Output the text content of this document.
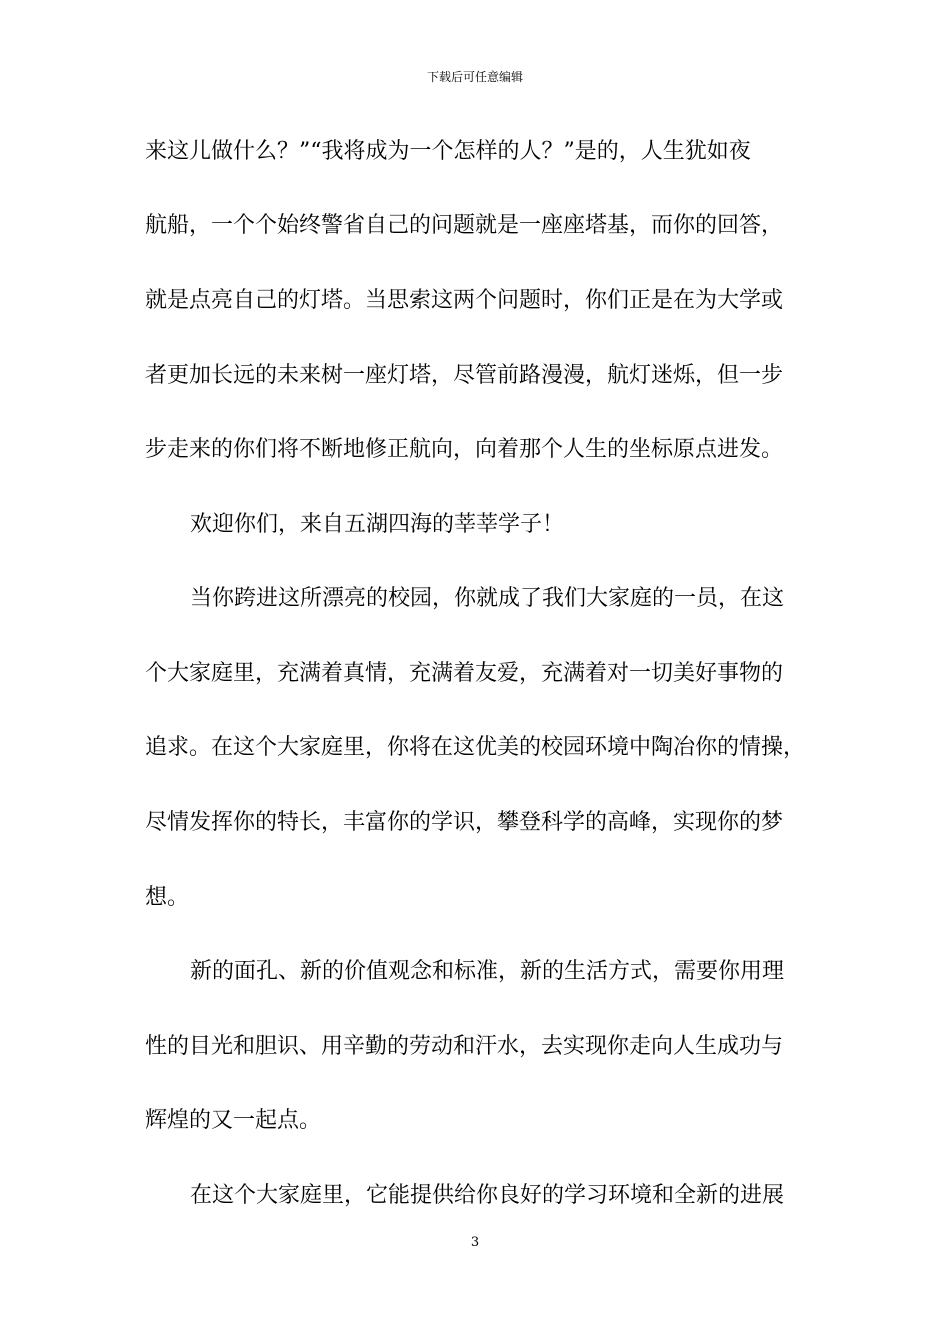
下载后可任意编辑
来这儿做什么？”“我将成为一个怎样的人？”是的，人生犹如夜
航船，一个个始终警省自己的问题就是一座座塔基，而你的回答，
就是点亮自己的灯塔。当思索这两个问题时，你们正是在为大学或
者更加长远的未来树一座灯塔，尽管前路漫漫，航灯迷烁，但一步
步走来的你们将不断地修正航向，向着那个人生的坐标原点进发。
欢迎你们，来自五湖四海的莘莘学子！
当你跨进这所漂亮的校园，你就成了我们大家庭的一员，在这
个大家庭里，充满着真情，充满着友爱，充满着对一切美好事物的
追求。在这个大家庭里，你将在这优美的校园环境中陶冶你的情操，
尽情发挥你的特长，丰富你的学识，攀登科学的高峰，实现你的梦
想。
新的面孔、新的价值观念和标准，新的生活方式，需要你用理
性的目光和胆识、用辛勤的劳动和汗水，去实现你走向人生成功与
辉煌的又一起点。
在这个大家庭里，它能提供给你良好的学习环境和全新的进展
3
